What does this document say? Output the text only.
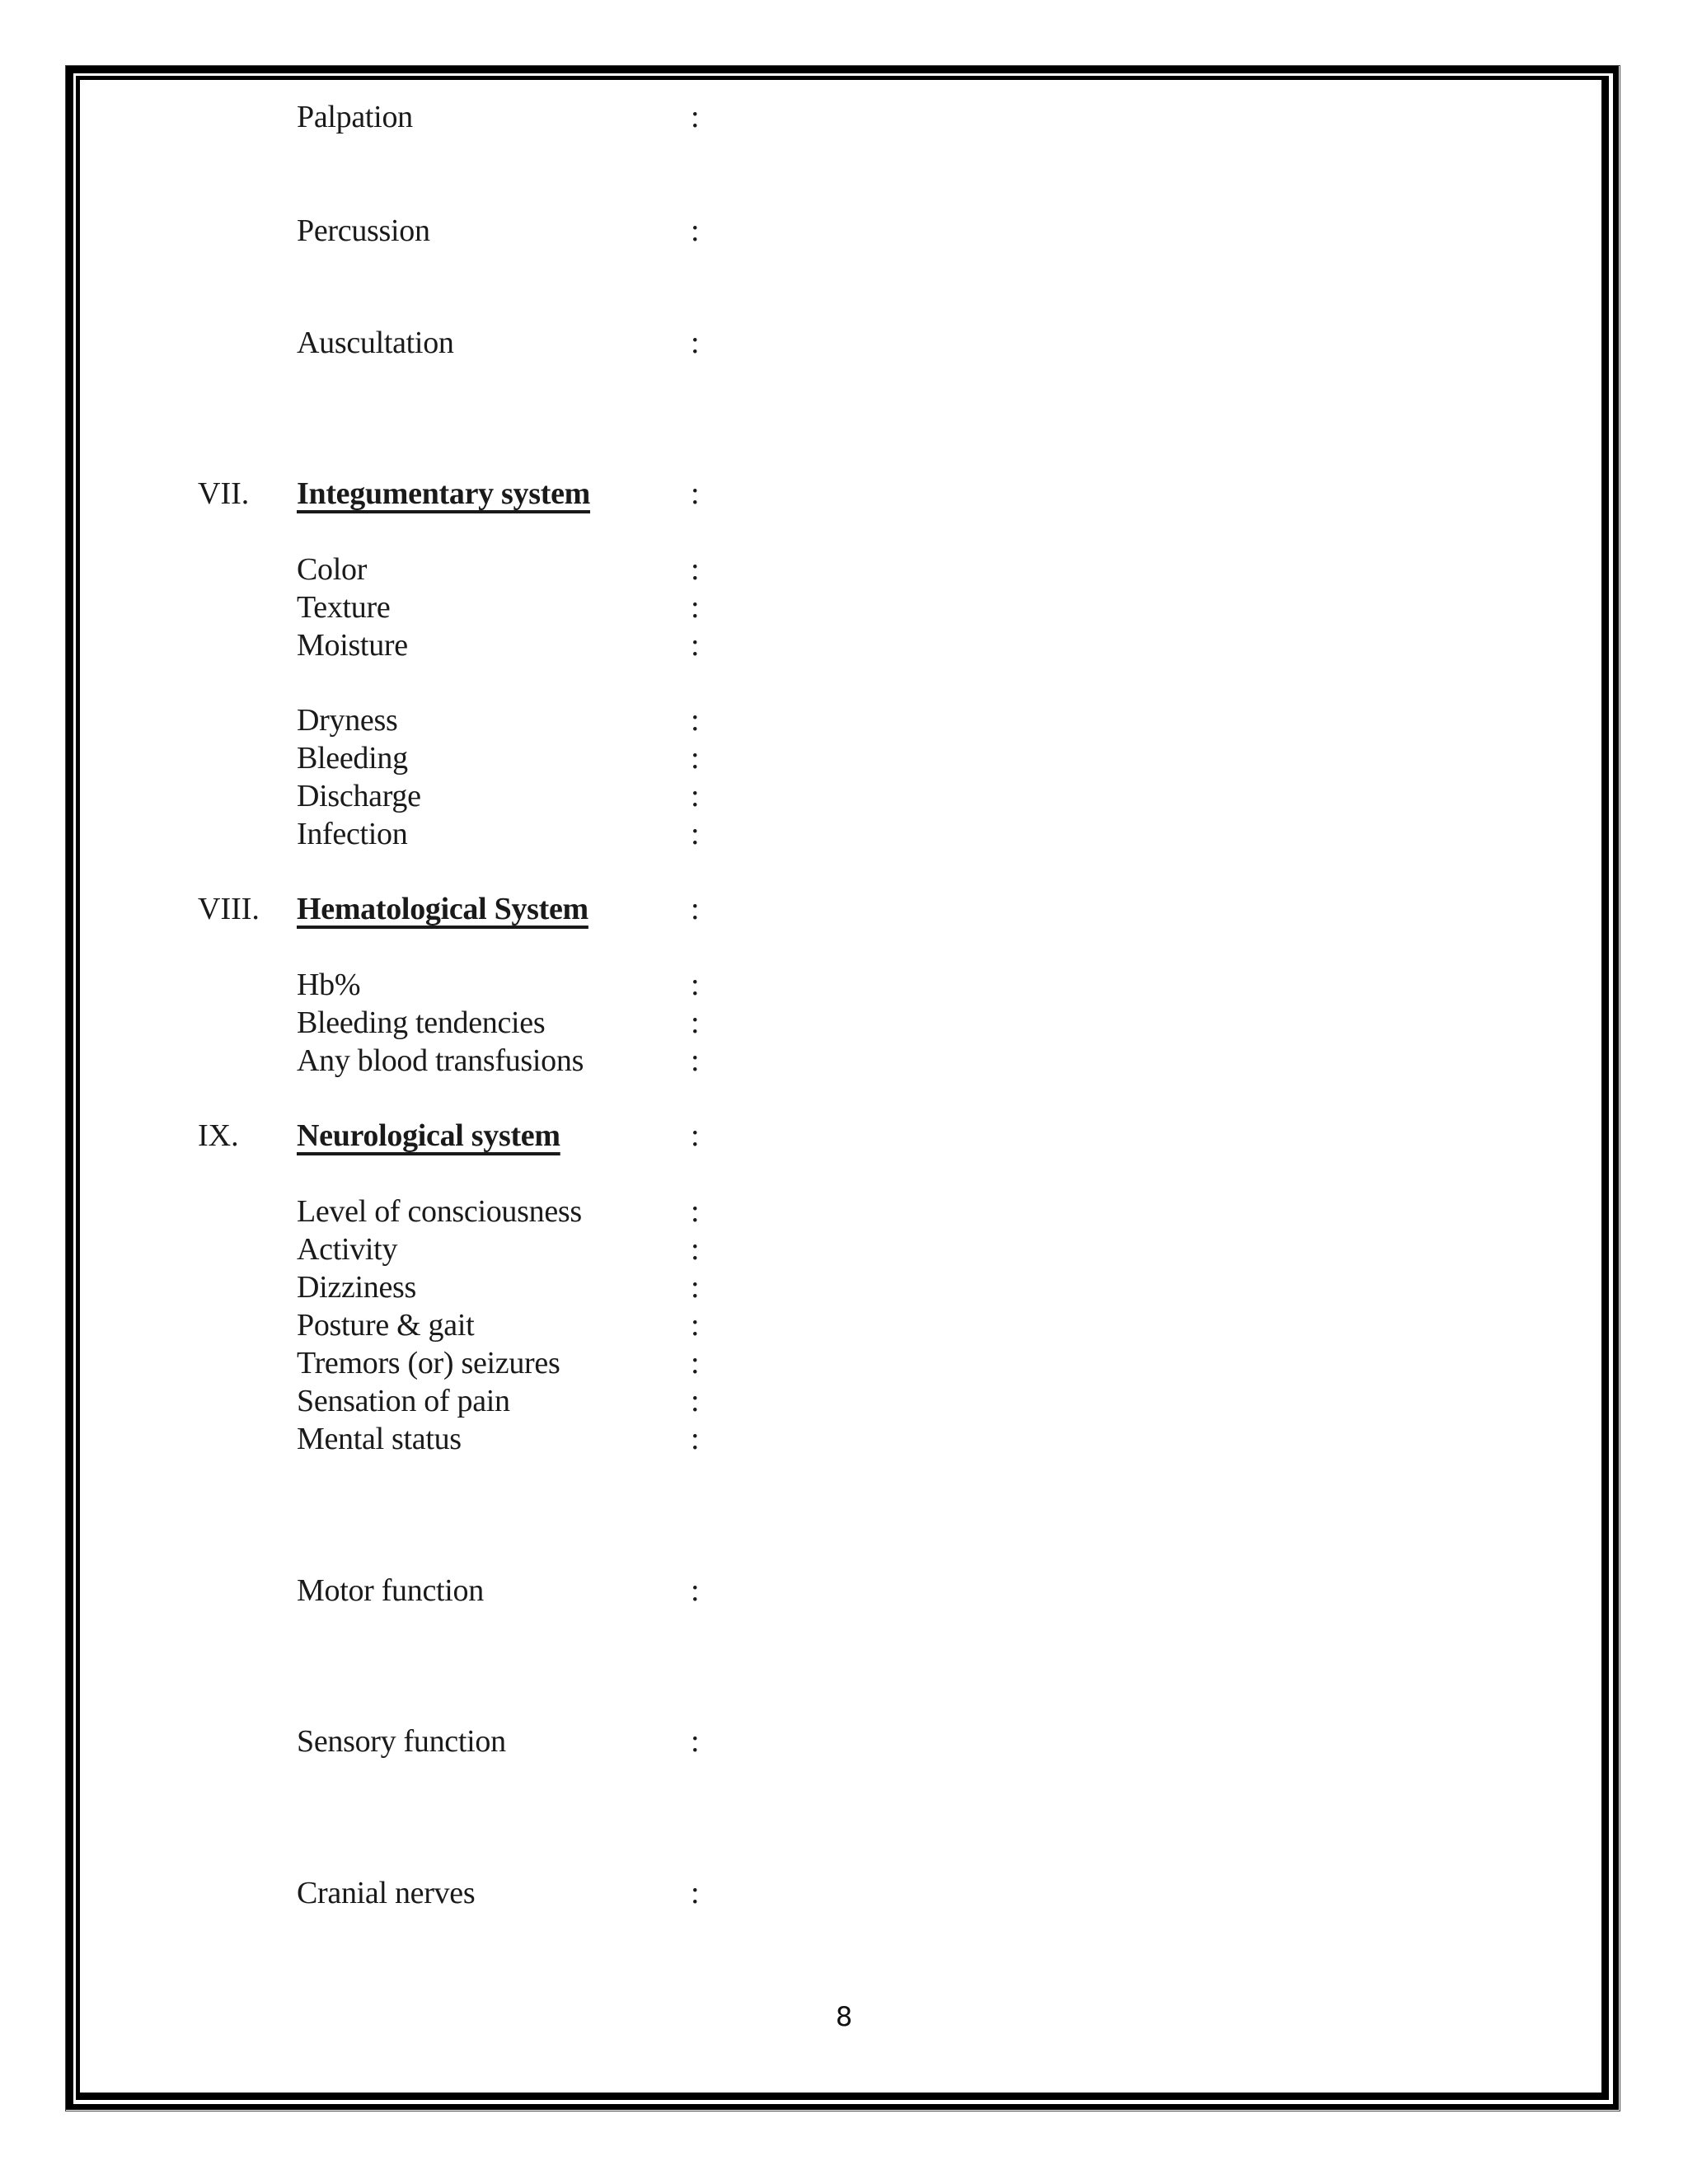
Palpation	:
Percussion	:
Auscultation	:
VII. Integumentary system	:
Color	:
Texture	:
Moisture	:
Dryness	:
Bleeding	:
Discharge	:
Infection	:
VIII. Hematological System	:
Hb%	:
Bleeding tendencies	:
Any blood transfusions	:
IX. Neurological system	:
Level of consciousness	:
Activity	:
Dizziness	:
Posture & gait	:
Tremors (or) seizures	:
Sensation of pain	:
Mental status	:
Motor function	:
Sensory function	:
Cranial nerves	:
8
